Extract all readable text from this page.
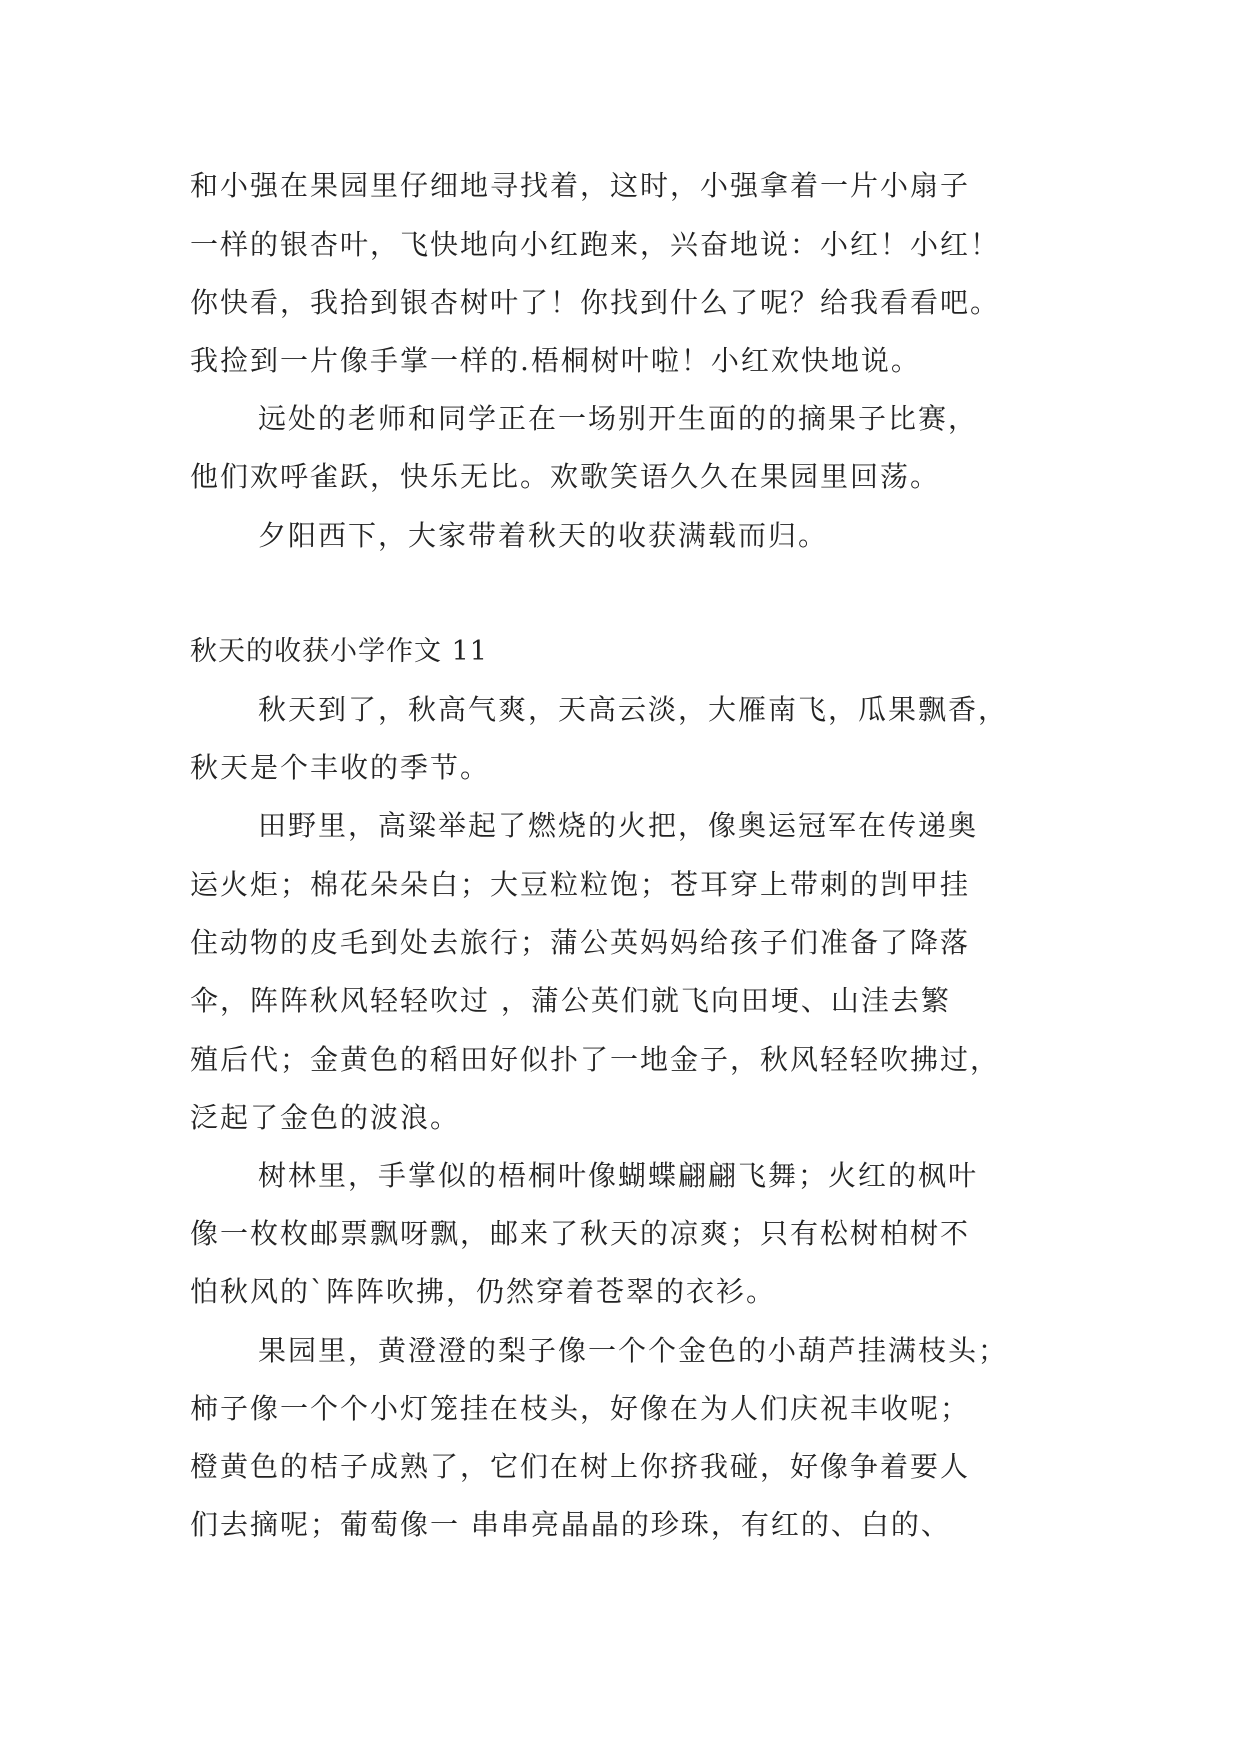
和小强在果园里仔细地寻找着，这时，小强拿着一片小扇子
一样的银杏叶，飞快地向小红跑来，兴奋地说：小红！小红！
你快看，我拾到银杏树叶了！你找到什么了呢？给我看看吧。
我捡到一片像手掌一样的.梧桐树叶啦！小红欢快地说。
远处的老师和同学正在一场别开生面的的摘果子比赛，
他们欢呼雀跃，快乐无比。欢歌笑语久久在果园里回荡。
夕阳西下，大家带着秋天的收获满载而归。
秋天的收获小学作文 11
秋天到了，秋高气爽，天高云淡，大雁南飞，瓜果飘香，
秋天是个丰收的季节。
田野里，高粱举起了燃烧的火把，像奥运冠军在传递奥
运火炬；棉花朵朵白；大豆粒粒饱；苍耳穿上带刺的剀甲挂
住动物的皮毛到处去旅行；蒲公英妈妈给孩子们准备了降落
伞，阵阵秋风轻轻吹过 ，蒲公英们就飞向田埂、山洼去繁
殖后代；金黄色的稻田好似扑了一地金子，秋风轻轻吹拂过，
泛起了金色的波浪。
树林里，手掌似的梧桐叶像蝴蝶翩翩飞舞；火红的枫叶
像一枚枚邮票飘呀飘，邮来了秋天的凉爽；只有松树柏树不
怕秋风的`阵阵吹拂，仍然穿着苍翠的衣衫。
果园里，黄澄澄的梨子像一个个金色的小葫芦挂满枝头；
柿子像一个个小灯笼挂在枝头，好像在为人们庆祝丰收呢；
橙黄色的桔子成熟了，它们在树上你挤我碰，好像争着要人
们去摘呢；葡萄像一 串串亮晶晶的珍珠，有红的、白的、
